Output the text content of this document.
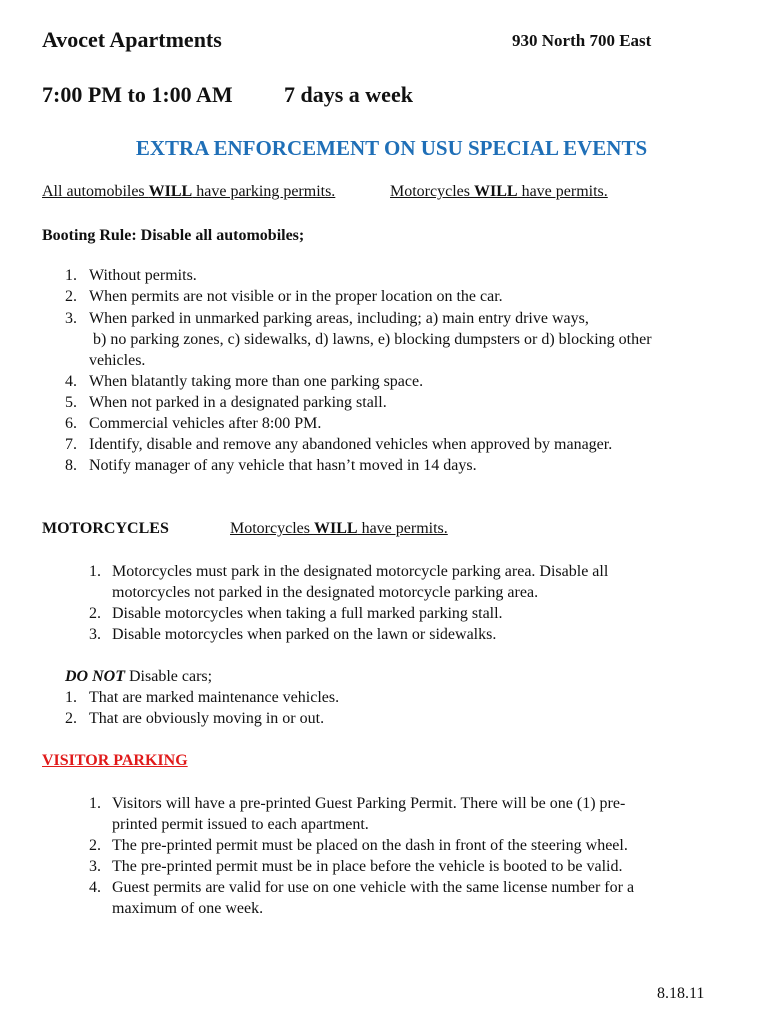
Avocet Apartments	930 North 700 East
7:00 PM to 1:00 AM 7 days a week
EXTRA ENFORCEMENT ON USU SPECIAL EVENTS
All automobiles WILL have parking permits.	Motorcycles WILL have permits.
Booting Rule: Disable all automobiles;
1. Without permits.
2. When permits are not visible or in the proper location on the car.
3. When parked in unmarked parking areas, including; a) main entry drive ways,
b) no parking zones, c) sidewalks, d) lawns, e) blocking dumpsters or d) blocking other
vehicles.
4. When blatantly taking more than one parking space.
5. When not parked in a designated parking stall.
6. Commercial vehicles after 8:00 PM.
7. Identify, disable and remove any abandoned vehicles when approved by manager.
8. Notify manager of any vehicle that hasn’t moved in 14 days.
MOTORCYCLES	Motorcycles WILL have permits.
1. Motorcycles must park in the designated motorcycle parking area. Disable all
motorcycles not parked in the designated motorcycle parking area.
2. Disable motorcycles when taking a full marked parking stall.
3. Disable motorcycles when parked on the lawn or sidewalks.
DO NOT Disable cars;
1. That are marked maintenance vehicles.
2. That are obviously moving in or out.
VISITOR PARKING
1. Visitors will have a pre-printed Guest Parking Permit. There will be one (1) pre-
printed permit issued to each apartment.
2. The pre-printed permit must be placed on the dash in front of the steering wheel.
3. The pre-printed permit must be in place before the vehicle is booted to be valid.
4. Guest permits are valid for use on one vehicle with the same license number for a
maximum of one week.
8.18.11
